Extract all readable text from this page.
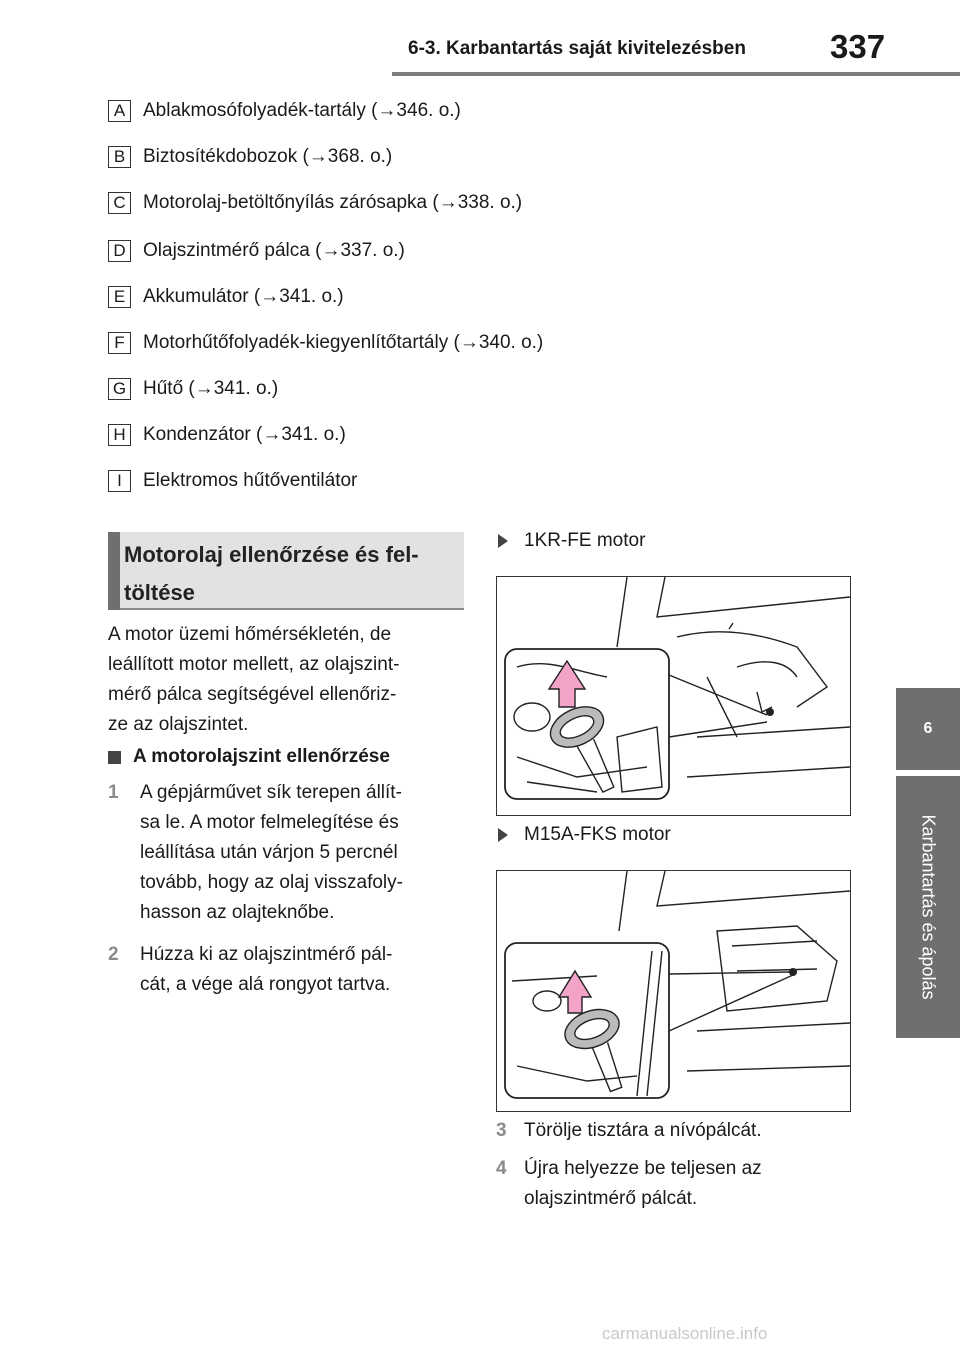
6-3. Karbantartás saját kivitelezésben	337
6
Karbantartás és ápolás
A Ablakmosófolyadék-tartály (→346. o.)
B Biztosítékdobozok (→368. o.)
C Motorolaj-betöltőnyílás zárósapka (→338. o.)
D Olajszintmérő pálca (→337. o.)
E Akkumulátor (→341. o.)
F Motorhűtőfolyadék-kiegyenlítőtartály (→340. o.)
G Hűtő (→341. o.)
H Kondenzátor (→341. o.)
I	Elektromos hűtőventilátor
Motorolaj ellenőrzése és fel-
töltése
A motor üzemi hőmérsékletén, de
leállított motor mellett, az olajszint-
mérő pálca segítségével ellenőriz-
ze az olajszintet.
A motorolajszint ellenőrzése
1	A gépjárművet sík terepen állít-
sa le. A motor felmelegítése és
leállítása után várjon 5 percnél
tovább, hogy az olaj visszafoly-
hasson az olajteknőbe.
2	Húzza ki az olajszintmérő pál-
cát, a vége alá rongyot tartva.
1KR-FE motor
M15A-FKS motor
3 Törölje tisztára a nívópálcát.
4 Újra helyezze be teljesen az
olajszintmérő pálcát.
carmanualsonline.info
